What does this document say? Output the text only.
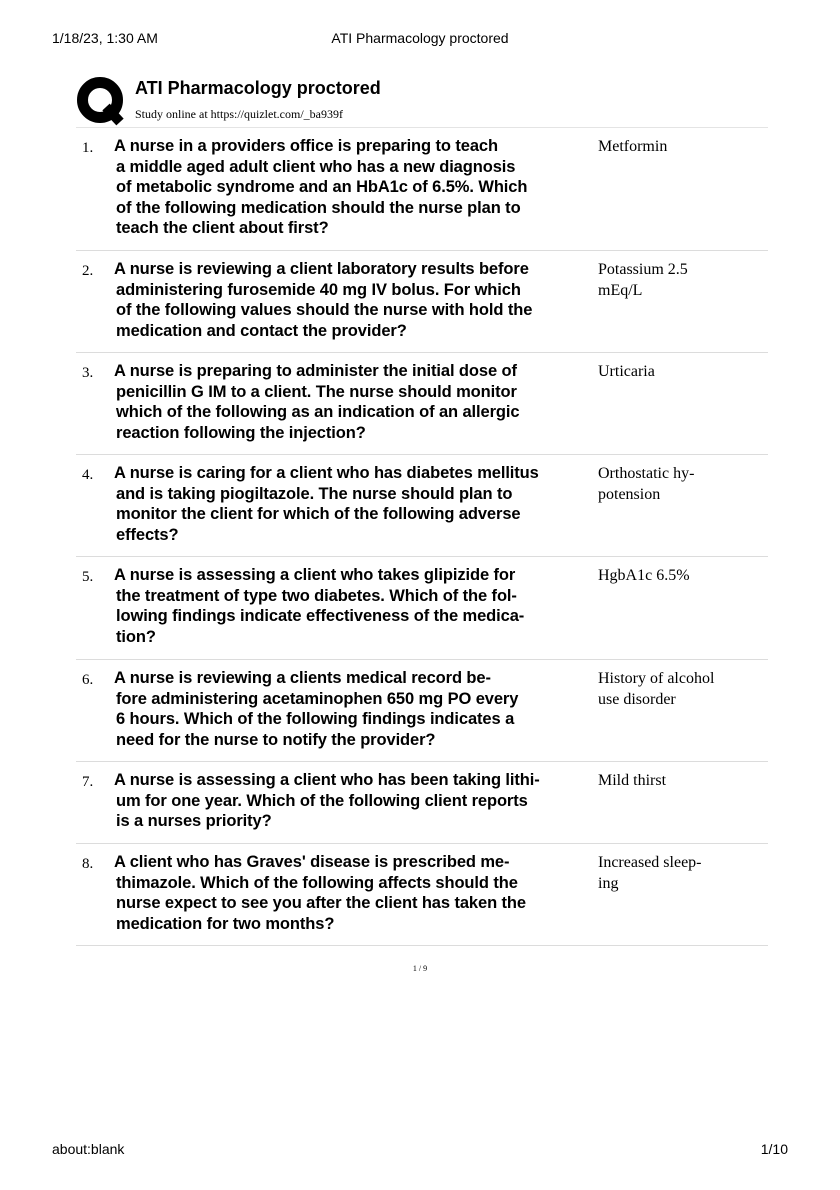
1/18/23, 1:30 AM	ATI Pharmacology proctored
ATI Pharmacology proctored
Study online at https://quizlet.com/_ba939f
1. A nurse in a providers office is preparing to teach
a middle aged adult client who has a new diagnosis
of metabolic syndrome and an HbA1c of 6.5%. Which
of the following medication should the nurse plan to
teach the client about first?
Metformin
2. A nurse is reviewing a client laboratory results before
administering furosemide 40 mg IV bolus. For which
of the following values should the nurse with hold the
medication and contact the provider?
Potassium 2.5
mEq/L
3. A nurse is preparing to administer the initial dose of
penicillin G IM to a client. The nurse should monitor
which of the following as an indication of an allergic
reaction following the injection?
Urticaria
4. A nurse is caring for a client who has diabetes mellitus
and is taking piogiltazole. The nurse should plan to
monitor the client for which of the following adverse
effects?
Orthostatic hy-
potension
5. A nurse is assessing a client who takes glipizide for
the treatment of type two diabetes. Which of the fol-
lowing findings indicate effectiveness of the medica-
tion?
HgbA1c 6.5%
6. A nurse is reviewing a clients medical record be-
fore administering acetaminophen 650 mg PO every
6 hours. Which of the following findings indicates a
need for the nurse to notify the provider?
History of alcohol
use disorder
7. A nurse is assessing a client who has been taking lithi-
um for one year. Which of the following client reports
is a nurses priority?
Mild thirst
8. A client who has Graves' disease is prescribed me-
thimazole. Which of the following affects should the
nurse expect to see you after the client has taken the
medication for two months?
Increased sleep-
ing
1 / 9
about:blank	1/10
